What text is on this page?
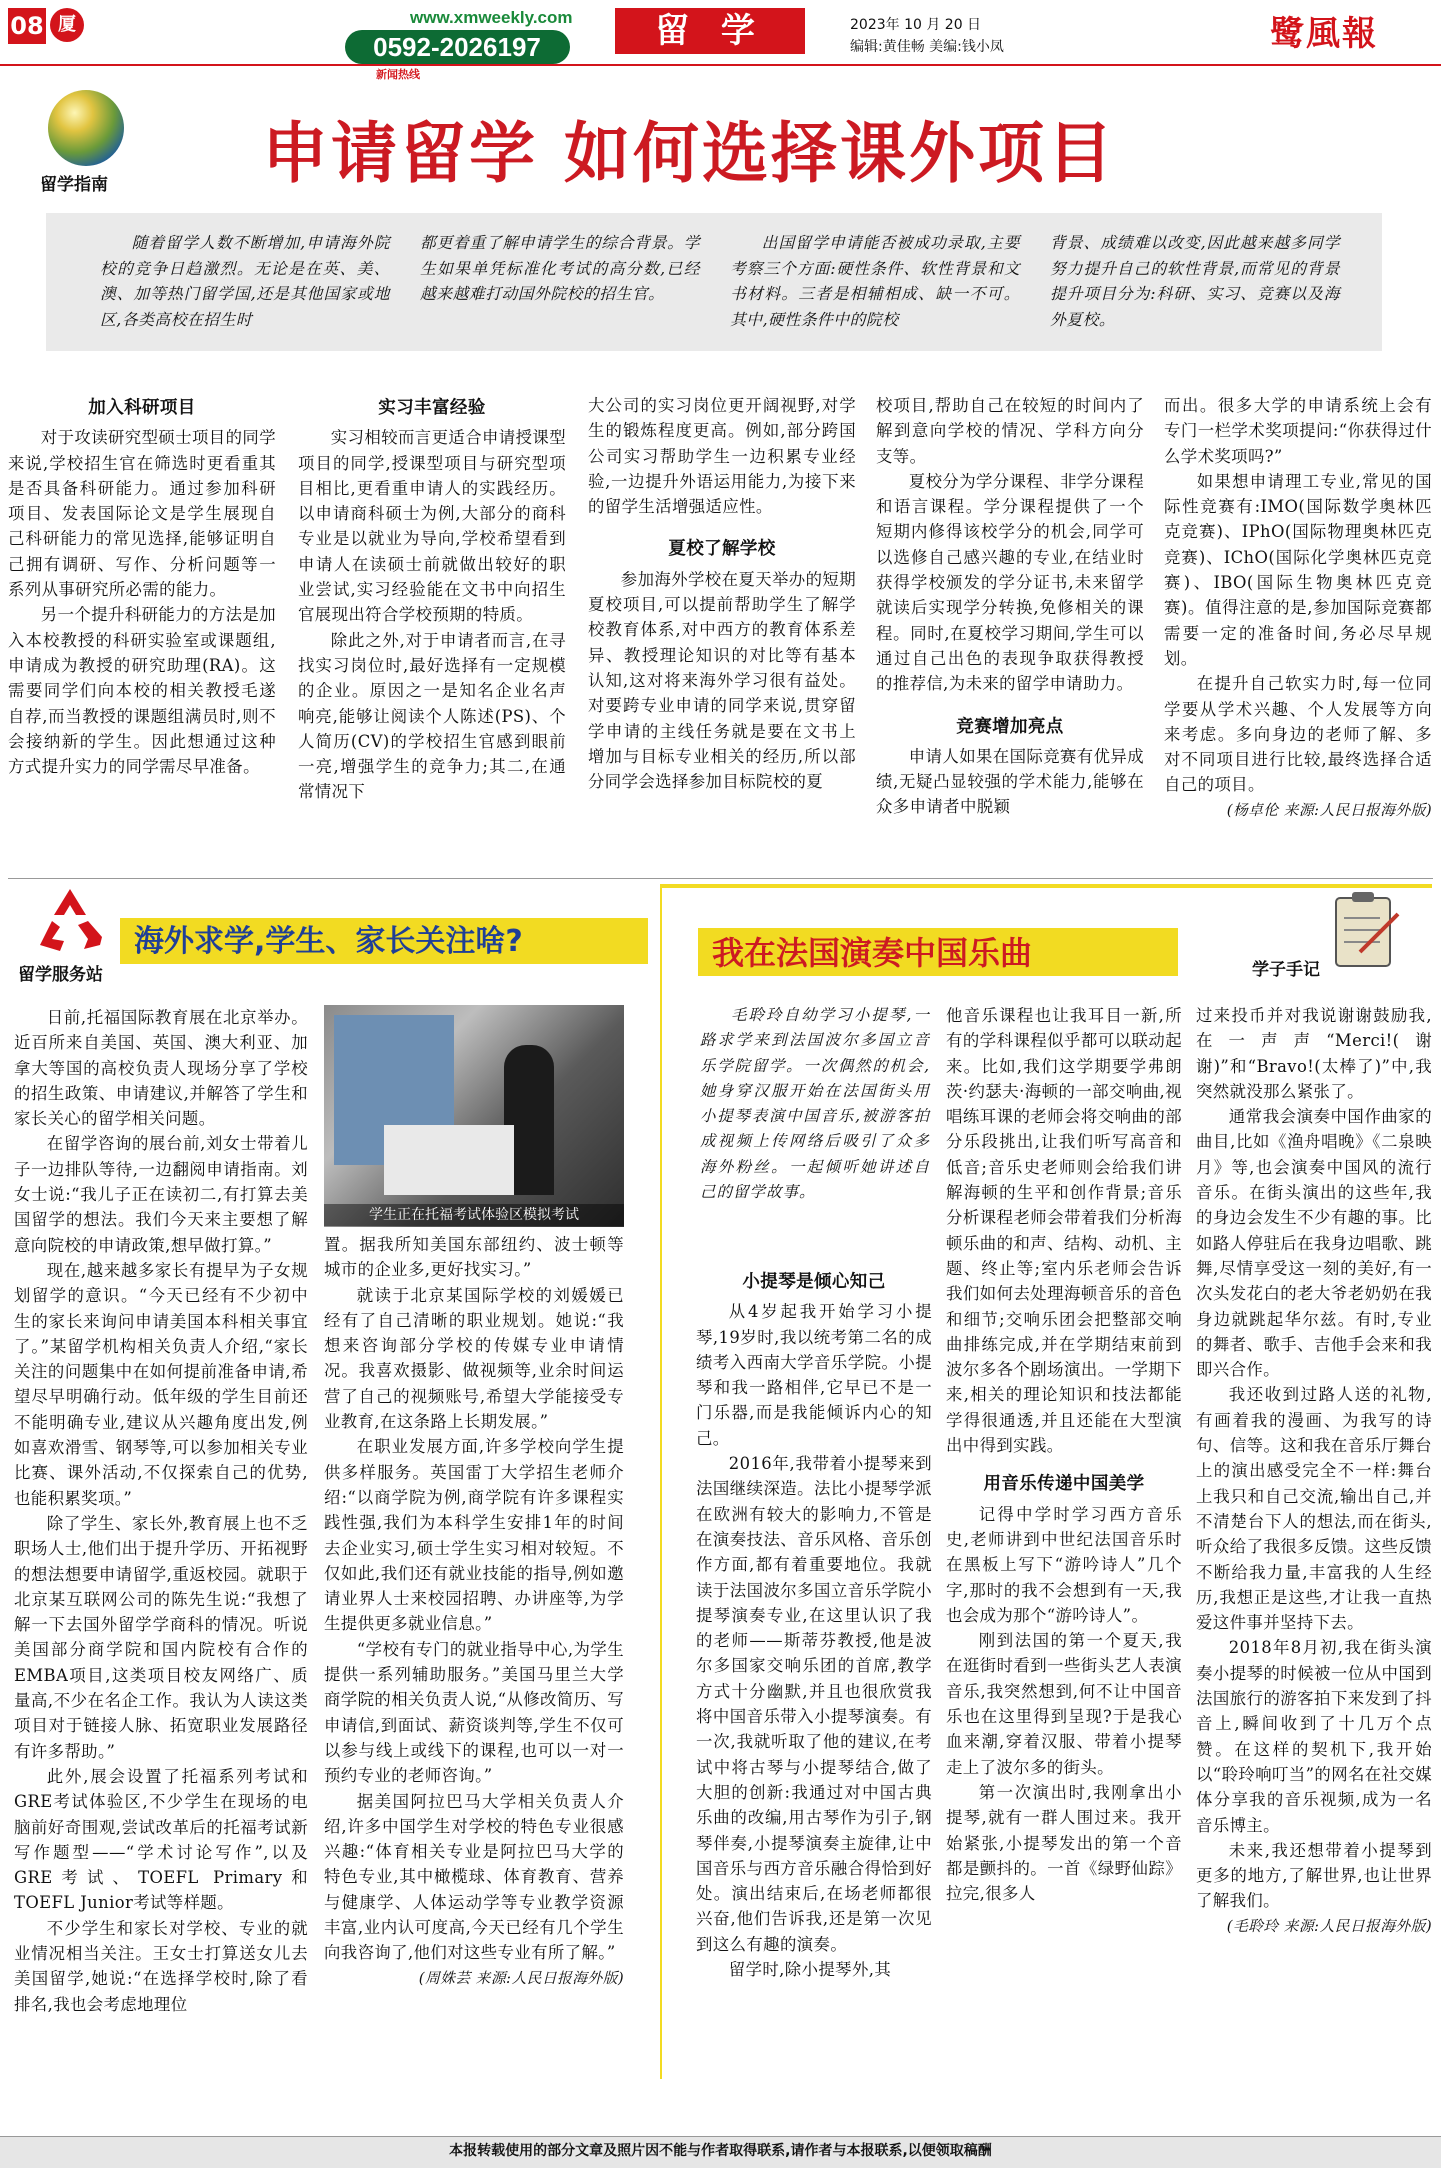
08 厦	www.xmweekly.com
0592-2026197
新闻热线
留 学	2023年 10 月 20 日
编辑:黄佳畅 美编:钱小凤	鹭風報
留学指南 申请留学 如何选择课外项目

随着留学人数不断增加,申请海外院校的竞争日趋激烈。无论是在英、美、澳、加等热门留学国,还是其他国家或地区,各类高校在招生时

都更着重了解申请学生的综合背景。学生如果单凭标准化考试的高分数,已经越来越难打动国外院校的招生官。

出国留学申请能否被成功录取,主要考察三个方面:硬性条件、软性背景和文书材料。三者是相辅相成、缺一不可。其中,硬性条件中的院校

背景、成绩难以改变,因此越来越多同学努力提升自己的软性背景,而常见的背景提升项目分为:科研、实习、竞赛以及海外夏校。

加入科研项目

对于攻读研究型硕士项目的同学来说,学校招生官在筛选时更看重其是否具备科研能力。通过参加科研项目、发表国际论文是学生展现自己科研能力的常见选择,能够证明自己拥有调研、写作、分析问题等一系列从事研究所必需的能力。

另一个提升科研能力的方法是加入本校教授的科研实验室或课题组,申请成为教授的研究助理(RA)。这需要同学们向本校的相关教授毛遂自荐,而当教授的课题组满员时,则不会接纳新的学生。因此想通过这种方式提升实力的同学需尽早准备。

实习丰富经验

实习相较而言更适合申请授课型项目的同学,授课型项目与研究型项目相比,更看重申请人的实践经历。以申请商科硕士为例,大部分的商科专业是以就业为导向,学校希望看到申请人在读硕士前就做出较好的职业尝试,实习经验能在文书中向招生官展现出符合学校预期的特质。

除此之外,对于申请者而言,在寻找实习岗位时,最好选择有一定规模的企业。原因之一是知名企业名声响亮,能够让阅读个人陈述(PS)、个人简历(CV)的学校招生官感到眼前一亮,增强学生的竞争力;其二,在通常情况下

大公司的实习岗位更开阔视野,对学生的锻炼程度更高。例如,部分跨国公司实习帮助学生一边积累专业经验,一边提升外语运用能力,为接下来的留学生活增强适应性。

夏校了解学校

参加海外学校在夏天举办的短期夏校项目,可以提前帮助学生了解学校教育体系,对中西方的教育体系差异、教授理论知识的对比等有基本认知,这对将来海外学习很有益处。对要跨专业申请的同学来说,贯穿留学申请的主线任务就是要在文书上增加与目标专业相关的经历,所以部分同学会选择参加目标院校的夏

校项目,帮助自己在较短的时间内了解到意向学校的情况、学科方向分支等。

夏校分为学分课程、非学分课程和语言课程。学分课程提供了一个短期内修得该校学分的机会,同学可以选修自己感兴趣的专业,在结业时获得学校颁发的学分证书,未来留学就读后实现学分转换,免修相关的课程。同时,在夏校学习期间,学生可以通过自己出色的表现争取获得教授的推荐信,为未来的留学申请助力。

竞赛增加亮点

申请人如果在国际竞赛有优异成绩,无疑凸显较强的学术能力,能够在众多申请者中脱颖

而出。很多大学的申请系统上会有专门一栏学术奖项提问:“你获得过什么学术奖项吗?”

如果想申请理工专业,常见的国际性竞赛有:IMO(国际数学奥林匹克竞赛)、IPhO(国际物理奥林匹克竞赛)、IChO(国际化学奥林匹克竞赛)、IBO(国际生物奥林匹克竞赛)。值得注意的是,参加国际竞赛都需要一定的准备时间,务必尽早规划。

在提升自己软实力时,每一位同学要从学术兴趣、个人发展等方向来考虑。多向身边的老师了解、多对不同项目进行比较,最终选择合适自己的项目。

(杨卓伦 来源:人民日报海外版)

留学服务站
海外求学,学生、家长关注啥?
学生正在托福考试体验区模拟考试

日前,托福国际教育展在北京举办。近百所来自美国、英国、澳大利亚、加拿大等国的高校负责人现场分享了学校的招生政策、申请建议,并解答了学生和家长关心的留学相关问题。

在留学咨询的展台前,刘女士带着儿子一边排队等待,一边翻阅申请指南。刘女士说:“我儿子正在读初二,有打算去美国留学的想法。我们今天来主要想了解意向院校的申请政策,想早做打算。”

现在,越来越多家长有提早为子女规划留学的意识。“今天已经有不少初中生的家长来询问申请美国本科相关事宜了。”某留学机构相关负责人介绍,“家长关注的问题集中在如何提前准备申请,希望尽早明确行动。低年级的学生目前还不能明确专业,建议从兴趣角度出发,例如喜欢滑雪、钢琴等,可以参加相关专业比赛、课外活动,不仅探索自己的优势,也能积累奖项。”

除了学生、家长外,教育展上也不乏职场人士,他们出于提升学历、开拓视野的想法想要申请留学,重返校园。就职于北京某互联网公司的陈先生说:“我想了解一下去国外留学学商科的情况。听说美国部分商学院和国内院校有合作的EMBA项目,这类项目校友网络广、质量高,不少在名企工作。我认为人读这类项目对于链接人脉、拓宽职业发展路径有许多帮助。”

此外,展会设置了托福系列考试和GRE考试体验区,不少学生在现场的电脑前好奇围观,尝试改革后的托福考试新写作题型——“学术讨论写作”,以及GRE考试、TOEFL Primary和 TOEFL Junior考试等样题。

不少学生和家长对学校、专业的就业情况相当关注。王女士打算送女儿去美国留学,她说:“在选择学校时,除了看排名,我也会考虑地理位

置。据我所知美国东部纽约、波士顿等城市的企业多,更好找实习。”

就读于北京某国际学校的刘媛媛已经有了自己清晰的职业规划。她说:“我想来咨询部分学校的传媒专业申请情况。我喜欢摄影、做视频等,业余时间运营了自己的视频账号,希望大学能接受专业教育,在这条路上长期发展。”

在职业发展方面,许多学校向学生提供多样服务。英国雷丁大学招生老师介绍:“以商学院为例,商学院有许多课程实践性强,我们为本科学生安排1年的时间去企业实习,硕士学生实习相对较短。不仅如此,我们还有就业技能的指导,例如邀请业界人士来校园招聘、办讲座等,为学生提供更多就业信息。”

“学校有专门的就业指导中心,为学生提供一系列辅助服务。”美国马里兰大学商学院的相关负责人说,“从修改简历、写申请信,到面试、薪资谈判等,学生不仅可以参与线上或线下的课程,也可以一对一预约专业的老师咨询。”

据美国阿拉巴马大学相关负责人介绍,许多中国学生对学校的特色专业很感兴趣:“体育相关专业是阿拉巴马大学的特色专业,其中橄榄球、体育教育、营养与健康学、人体运动学等专业教学资源丰富,业内认可度高,今天已经有几个学生向我咨询了,他们对这些专业有所了解。”

(周姝芸 来源:人民日报海外版)

我在法国演奏中国乐曲	学子手记

毛聆玲自幼学习小提琴,一路求学来到法国波尔多国立音乐学院留学。一次偶然的机会,她身穿汉服开始在法国街头用小提琴表演中国音乐,被游客拍成视频上传网络后吸引了众多海外粉丝。一起倾听她讲述自己的留学故事。

小提琴是倾心知己

从4岁起我开始学习小提琴,19岁时,我以统考第二名的成绩考入西南大学音乐学院。小提琴和我一路相伴,它早已不是一门乐器,而是我能倾诉内心的知己。

2016年,我带着小提琴来到法国继续深造。法比小提琴学派在欧洲有较大的影响力,不管是在演奏技法、音乐风格、音乐创作方面,都有着重要地位。我就读于法国波尔多国立音乐学院小提琴演奏专业,在这里认识了我的老师——斯蒂芬教授,他是波尔多国家交响乐团的首席,教学方式十分幽默,并且也很欣赏我将中国音乐带入小提琴演奏。有一次,我就听取了他的建议,在考试中将古琴与小提琴结合,做了大胆的创新:我通过对中国古典乐曲的改编,用古琴作为引子,钢琴伴奏,小提琴演奏主旋律,让中国音乐与西方音乐融合得恰到好处。演出结束后,在场老师都很兴奋,他们告诉我,还是第一次见到这么有趣的演奏。

留学时,除小提琴外,其

他音乐课程也让我耳目一新,所有的学科课程似乎都可以联动起来。比如,我们这学期要学弗朗茨·约瑟夫·海顿的一部交响曲,视唱练耳课的老师会将交响曲的部分乐段挑出,让我们听写高音和低音;音乐史老师则会给我们讲解海顿的生平和创作背景;音乐分析课程老师会带着我们分析海顿乐曲的和声、结构、动机、主题、终止等;室内乐老师会告诉我们如何去处理海顿音乐的音色和细节;交响乐团会把整部交响曲排练完成,并在学期结束前到波尔多各个剧场演出。一学期下来,相关的理论知识和技法都能学得很通透,并且还能在大型演出中得到实践。

用音乐传递中国美学

记得中学时学习西方音乐史,老师讲到中世纪法国音乐时在黑板上写下“游吟诗人”几个字,那时的我不会想到有一天,我也会成为那个“游吟诗人”。

刚到法国的第一个夏天,我在逛街时看到一些街头艺人表演音乐,我突然想到,何不让中国音乐也在这里得到呈现?于是我心血来潮,穿着汉服、带着小提琴走上了波尔多的街头。

第一次演出时,我刚拿出小提琴,就有一群人围过来。我开始紧张,小提琴发出的第一个音都是颤抖的。一首《绿野仙踪》拉完,很多人

过来投币并对我说谢谢鼓励我,在一声声“Merci!(谢谢)”和“Bravo!(太棒了)”中,我突然就没那么紧张了。

通常我会演奏中国作曲家的曲目,比如《渔舟唱晚》《二泉映月》等,也会演奏中国风的流行音乐。在街头演出的这些年,我的身边会发生不少有趣的事。比如路人停驻后在我身边唱歌、跳舞,尽情享受这一刻的美好,有一次头发花白的老大爷老奶奶在我身边就跳起华尔兹。有时,专业的舞者、歌手、吉他手会来和我即兴合作。

我还收到过路人送的礼物,有画着我的漫画、为我写的诗句、信等。这和我在音乐厅舞台上的演出感受完全不一样:舞台上我只和自己交流,输出自己,并不清楚台下人的想法,而在街头,听众给了我很多反馈。这些反馈不断给我力量,丰富我的人生经历,我想正是这些,才让我一直热爱这件事并坚持下去。

2018年8月初,我在街头演奏小提琴的时候被一位从中国到法国旅行的游客拍下来发到了抖音上,瞬间收到了十几万个点赞。在这样的契机下,我开始以“聆玲响叮当”的网名在社交媒体分享我的音乐视频,成为一名音乐博主。

未来,我还想带着小提琴到更多的地方,了解世界,也让世界了解我们。

(毛聆玲 来源:人民日报海外版)

本报转载使用的部分文章及照片因不能与作者取得联系,请作者与本报联系,以便领取稿酬
